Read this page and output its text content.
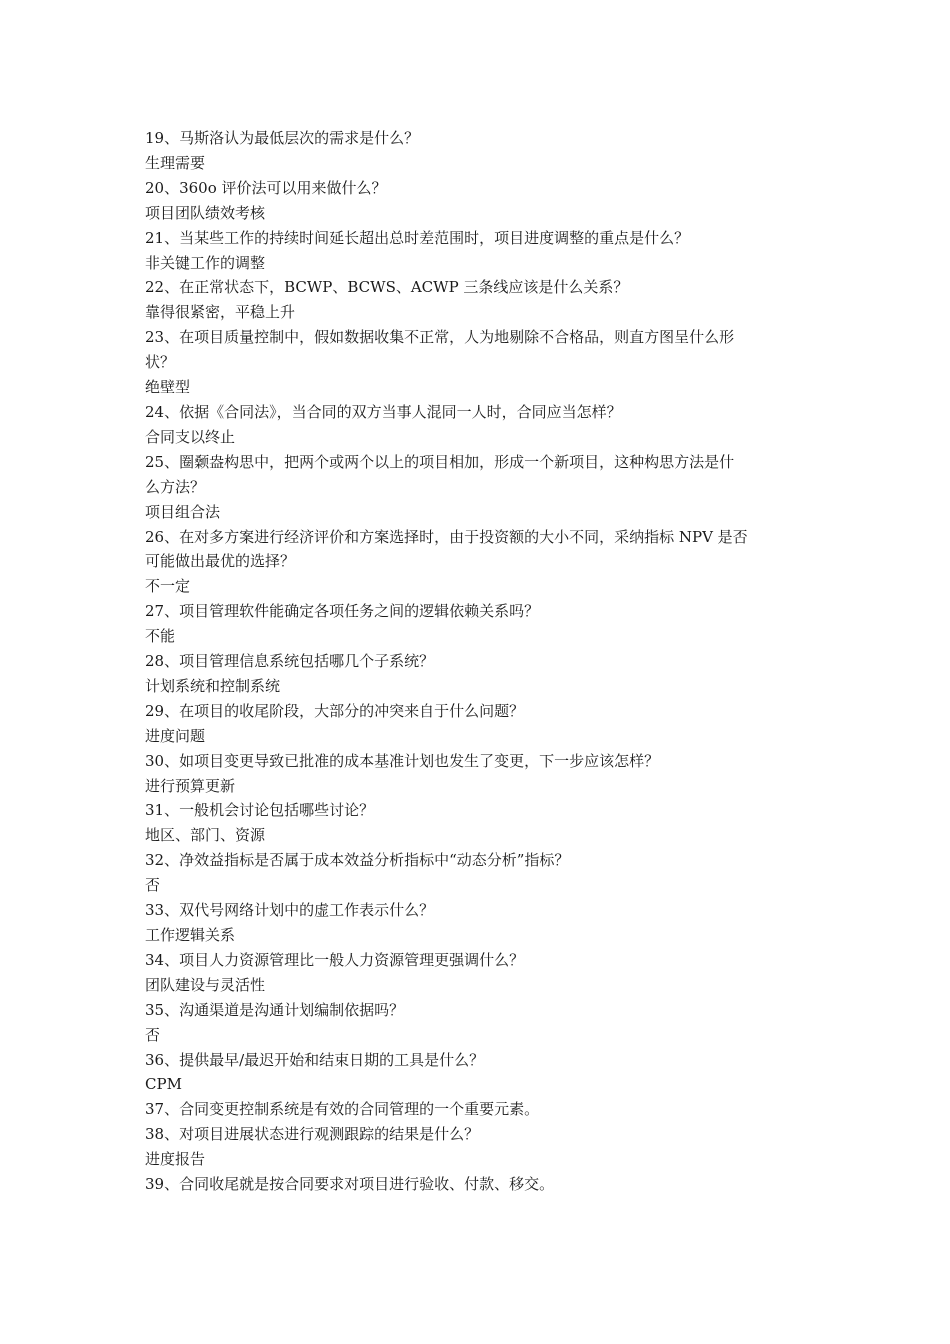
19、马斯洛认为最低层次的需求是什么？
生理需要
20、360o 评价法可以用来做什么？
项目团队绩效考核
21、当某些工作的持续时间延长超出总时差范围时，项目进度调整的重点是什么？
非关键工作的调整
22、在正常状态下，BCWP、BCWS、ACWP 三条线应该是什么关系？
靠得很紧密，平稳上升
23、在项目质量控制中，假如数据收集不正常，人为地剔除不合格品，则直方图呈什么形
状？
绝壁型
24、依据《合同法》，当合同的双方当事人混同一人时，合同应当怎样？
合同支以终止
25、圈颡盎构思中，把两个或两个以上的项目相加，形成一个新项目，这种构思方法是什
么方法？
项目组合法
26、在对多方案进行经济评价和方案选择时，由于投资额的大小不同，采纳指标 NPV 是否
可能做出最优的选择？
不一定
27、项目管理软件能确定各项任务之间的逻辑依赖关系吗？
不能
28、项目管理信息系统包括哪几个子系统？
计划系统和控制系统
29、在项目的收尾阶段，大部分的冲突来自于什么问题？
进度问题
30、如项目变更导致已批准的成本基准计划也发生了变更，下一步应该怎样？
进行预算更新
31、一般机会讨论包括哪些讨论？
地区、部门、资源
32、净效益指标是否属于成本效益分析指标中“动态分析”指标？
否
33、双代号网络计划中的虚工作表示什么？
工作逻辑关系
34、项目人力资源管理比一般人力资源管理更强调什么？
团队建设与灵活性
35、沟通渠道是沟通计划编制依据吗？
否
36、提供最早/最迟开始和结束日期的工具是什么？
CPM
37、合同变更控制系统是有效的合同管理的一个重要元素。
38、对项目进展状态进行观测跟踪的结果是什么？
进度报告
39、合同收尾就是按合同要求对项目进行验收、付款、移交。
